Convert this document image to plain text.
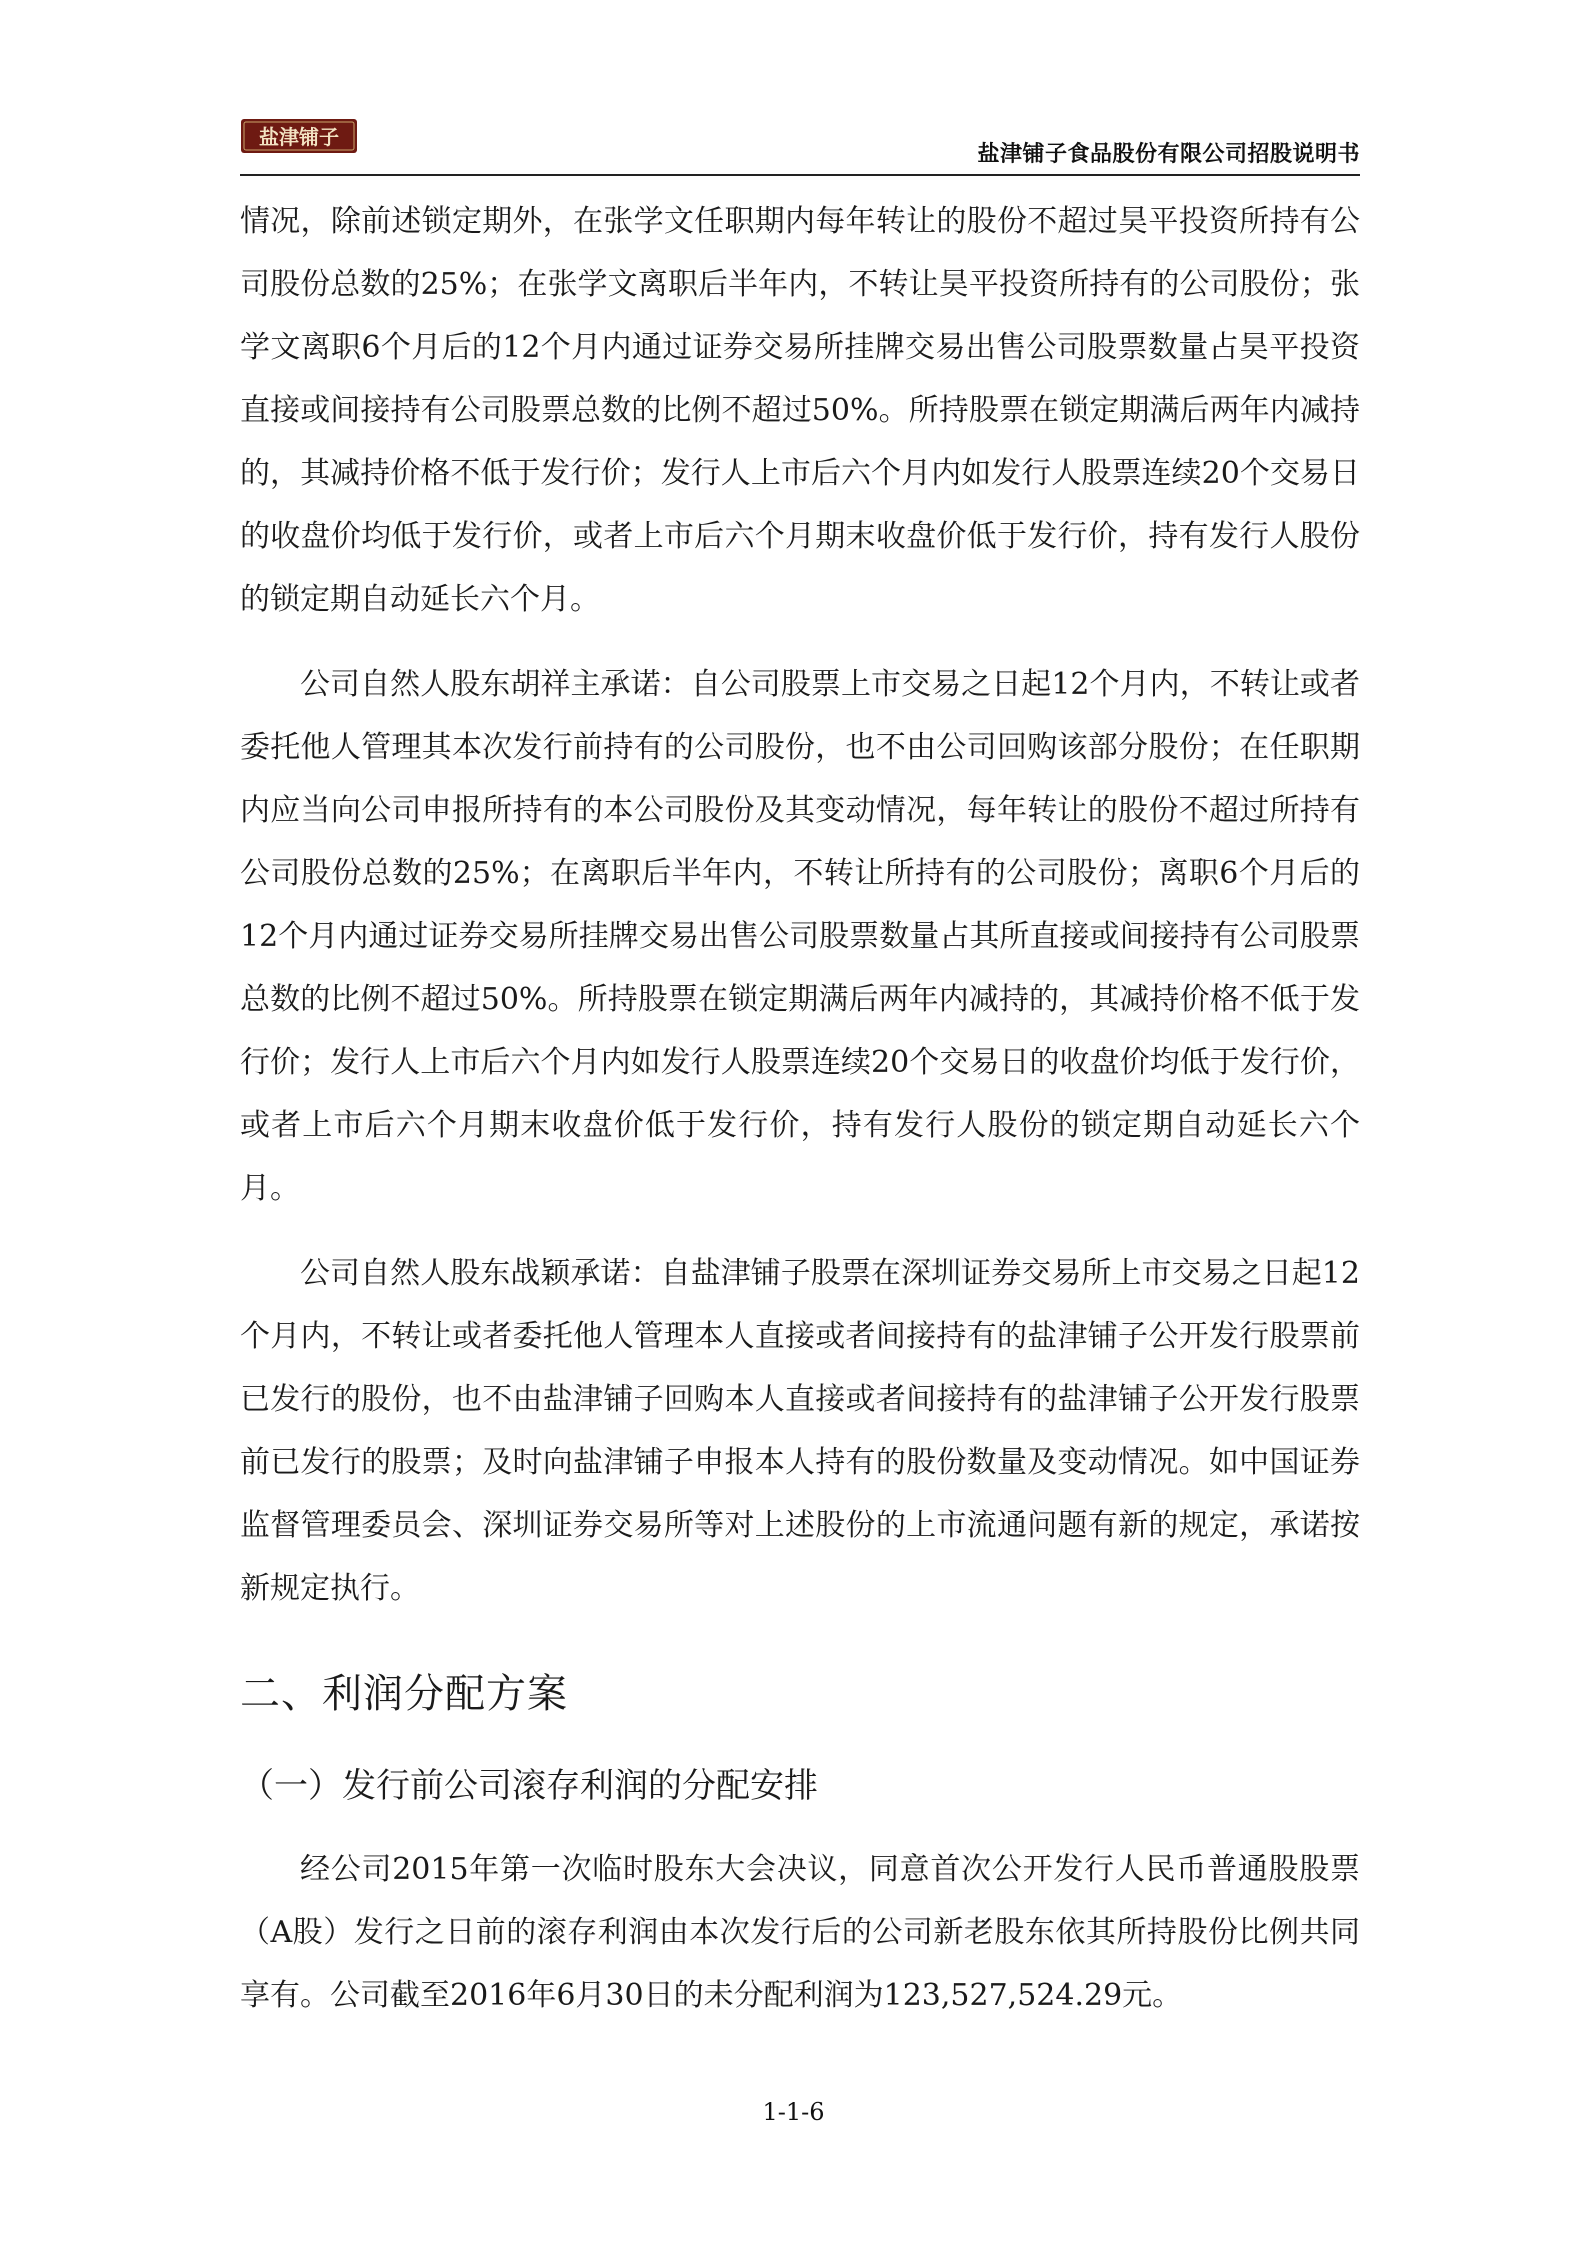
盐津铺子
盐津铺子食品股份有限公司招股说明书

情况，除前述锁定期外，在张学文任职期内每年转让的股份不超过昊平投资所持有公司股份总数的25%；在张学文离职后半年内，不转让昊平投资所持有的公司股份；张学文离职6个月后的12个月内通过证券交易所挂牌交易出售公司股票数量占昊平投资直接或间接持有公司股票总数的比例不超过50%。所持股票在锁定期满后两年内减持的，其减持价格不低于发行价；发行人上市后六个月内如发行人股票连续20个交易日的收盘价均低于发行价，或者上市后六个月期末收盘价低于发行价，持有发行人股份的锁定期自动延长六个月。

公司自然人股东胡祥主承诺：自公司股票上市交易之日起12个月内，不转让或者委托他人管理其本次发行前持有的公司股份，也不由公司回购该部分股份；在任职期内应当向公司申报所持有的本公司股份及其变动情况，每年转让的股份不超过所持有公司股份总数的25%；在离职后半年内，不转让所持有的公司股份；离职6个月后的12个月内通过证券交易所挂牌交易出售公司股票数量占其所直接或间接持有公司股票总数的比例不超过50%。所持股票在锁定期满后两年内减持的，其减持价格不低于发行价；发行人上市后六个月内如发行人股票连续20个交易日的收盘价均低于发行价，或者上市后六个月期末收盘价低于发行价，持有发行人股份的锁定期自动延长六个月。

公司自然人股东战颖承诺：自盐津铺子股票在深圳证券交易所上市交易之日起12个月内，不转让或者委托他人管理本人直接或者间接持有的盐津铺子公开发行股票前已发行的股份，也不由盐津铺子回购本人直接或者间接持有的盐津铺子公开发行股票前已发行的股票；及时向盐津铺子申报本人持有的股份数量及变动情况。如中国证券监督管理委员会、深圳证券交易所等对上述股份的上市流通问题有新的规定，承诺按新规定执行。

二、利润分配方案
（一）发行前公司滚存利润的分配安排

经公司2015年第一次临时股东大会决议，同意首次公开发行人民币普通股股票（A股）发行之日前的滚存利润由本次发行后的公司新老股东依其所持股份比例共同享有。公司截至2016年6月30日的未分配利润为123,527,524.29元。

1-1-6
